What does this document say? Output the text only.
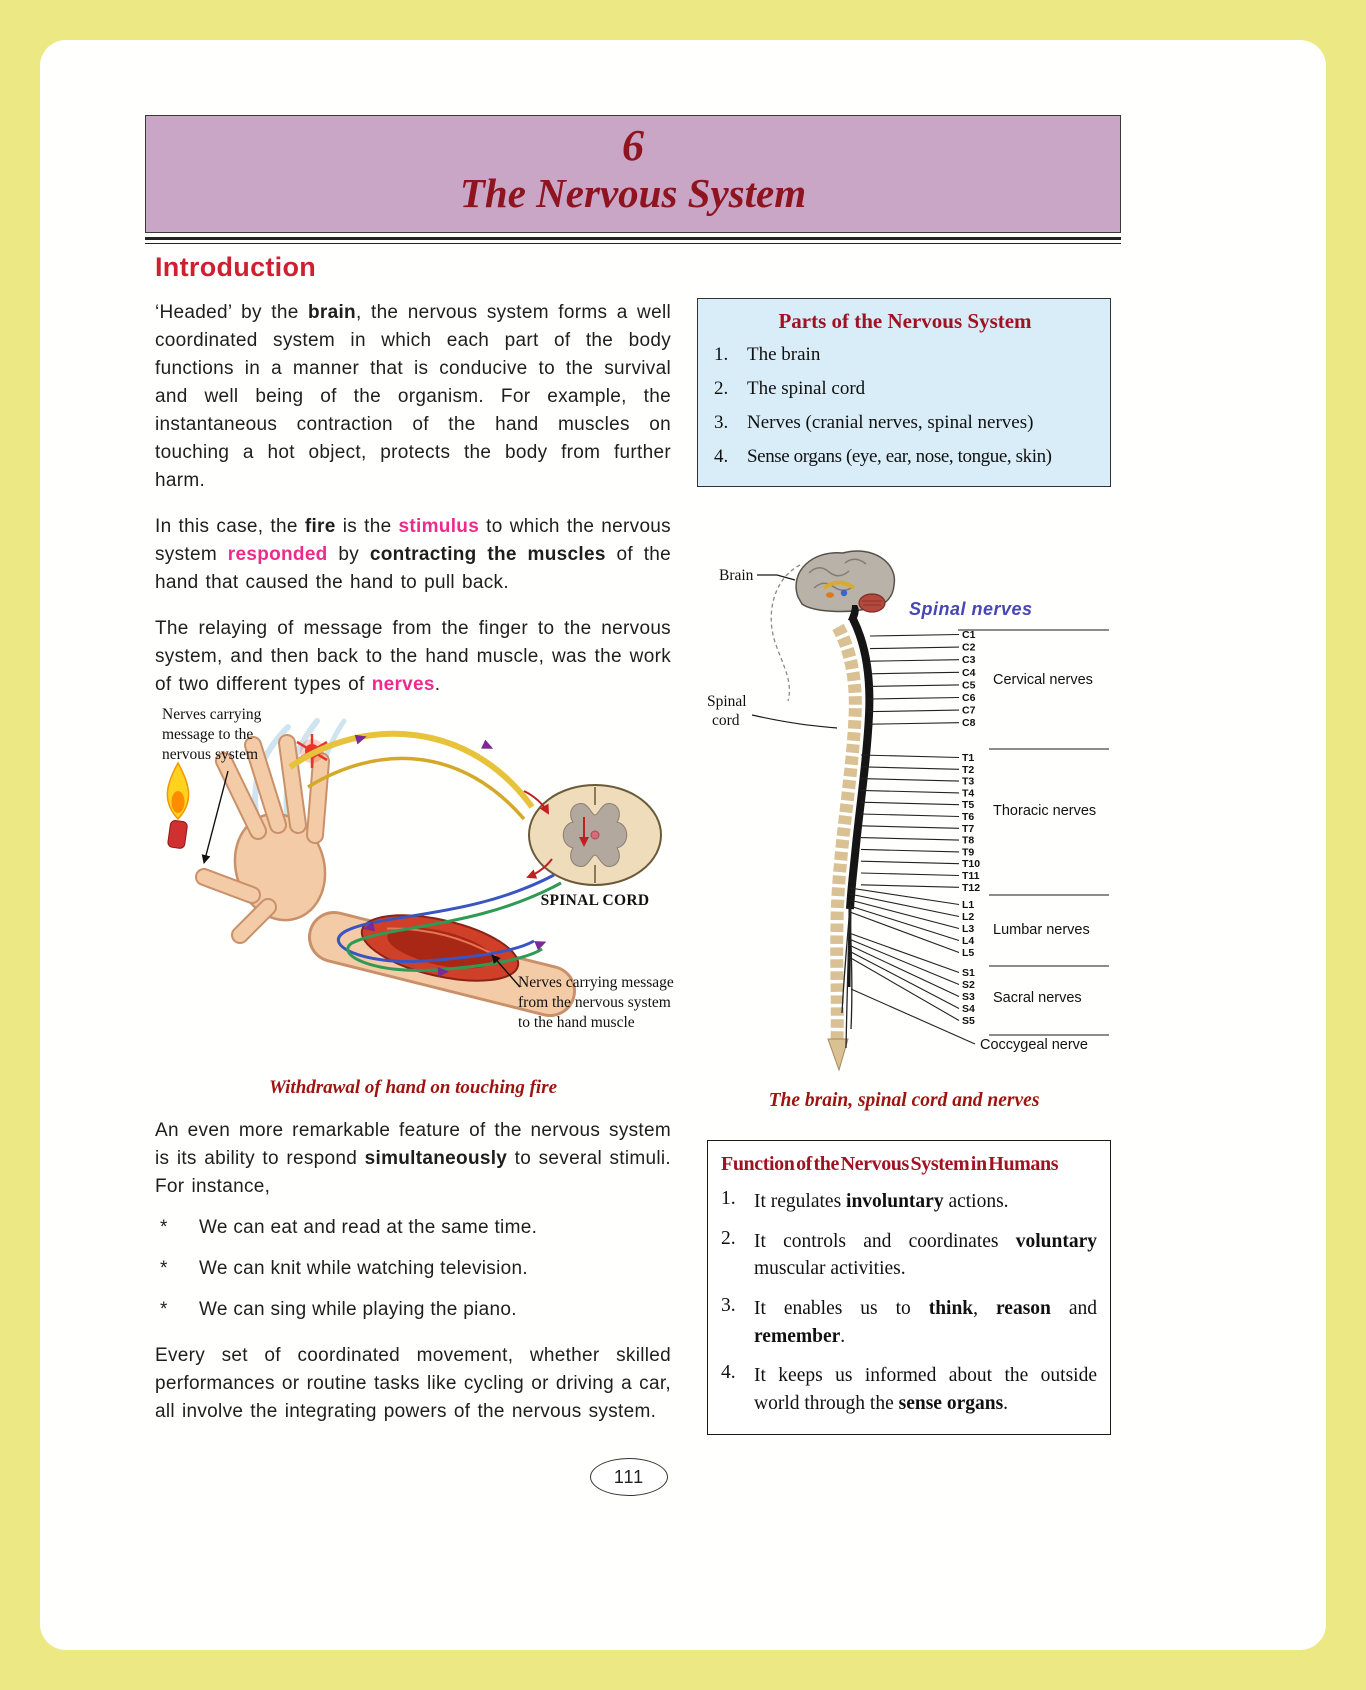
6
The Nervous System
Introduction

‘Headed’ by the brain, the nervous system forms a well coordinated system in which each part of the body functions in a manner that is conducive to the survival and well being of the organism. For example, the instantaneous contraction of the hand muscles on touching a hot object, protects the body from further harm.

In this case, the fire is the stimulus to which the nervous system responded by contracting the muscles of the hand that caused the hand to pull back.

The relaying of message from the finger to the nervous system, and then back to the hand muscle, was the work of two different types of nerves.

Nerves carrying message to the nervous system
SPINAL CORD
Nerves carrying message from the nervous system to the hand muscle
Withdrawal of hand on touching fire

An even more remarkable feature of the nervous system is its ability to respond simultaneously to several stimuli. For instance,

*	We can eat and read at the same time.
*	We can knit while watching television.
*	We can sing while playing the piano.

Every set of coordinated movement, whether skilled performances or routine tasks like cycling or driving a car, all involve the integrating powers of the nervous system.

Parts of the Nervous System
1. The brain
2. The spinal cord
3. Nerves (cranial nerves, spinal nerves)
4. Sense organs (eye, ear, nose, tongue, skin)
Brain
Spinal nerves
Spinal
cord
C1
C2
C3
C4
C5
C6
C7
C8
Cervical nerves
T1
T2
T3
T4
T5
T6
T7
T8
T9
T10
T11
T12
Thoracic nerves
L1
L2
L3
L4
L5
Lumbar nerves
S1
S2
S3
S4
S5
Sacral nerves
Coccygeal nerve
The brain, spinal cord and nerves
Function of the Nervous System in Humans
1. It regulates involuntary actions.
2. It controls and coordinates voluntary muscular activities.
3. It enables us to think, reason and remember.
4. It keeps us informed about the outside world through the sense organs.
111
